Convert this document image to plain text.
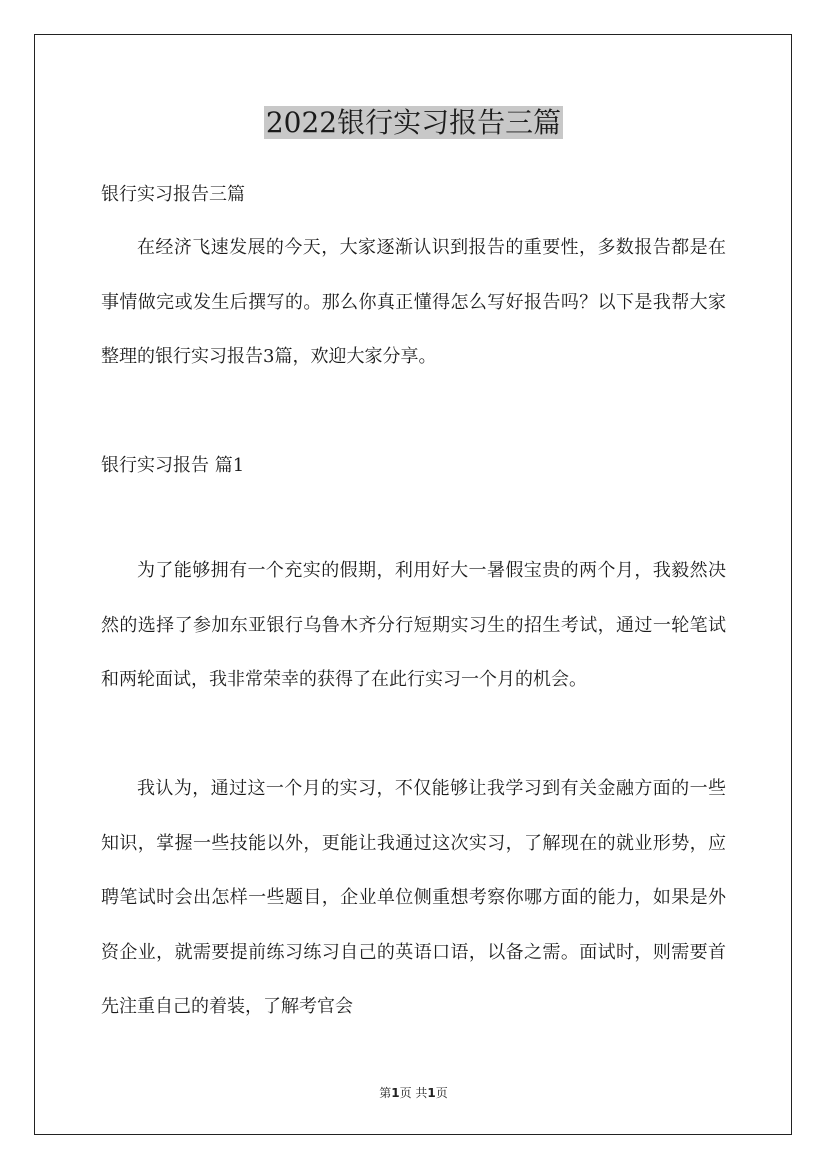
2022银行实习报告三篇
银行实习报告三篇

在经济飞速发展的今天，大家逐渐认识到报告的重要性，多数报告都是在事情做完或发生后撰写的。那么你真正懂得怎么写好报告吗？以下是我帮大家整理的银行实习报告3篇，欢迎大家分享。

银行实习报告 篇1

为了能够拥有一个充实的假期，利用好大一暑假宝贵的两个月，我毅然决然的选择了参加东亚银行乌鲁木齐分行短期实习生的招生考试，通过一轮笔试和两轮面试，我非常荣幸的获得了在此行实习一个月的机会。

我认为，通过这一个月的实习，不仅能够让我学习到有关金融方面的一些知识，掌握一些技能以外，更能让我通过这次实习，了解现在的就业形势，应聘笔试时会出怎样一些题目，企业单位侧重想考察你哪方面的能力，如果是外资企业，就需要提前练习练习自己的英语口语，以备之需。面试时，则需要首先注重自己的着装，了解考官会

第1页 共1页
